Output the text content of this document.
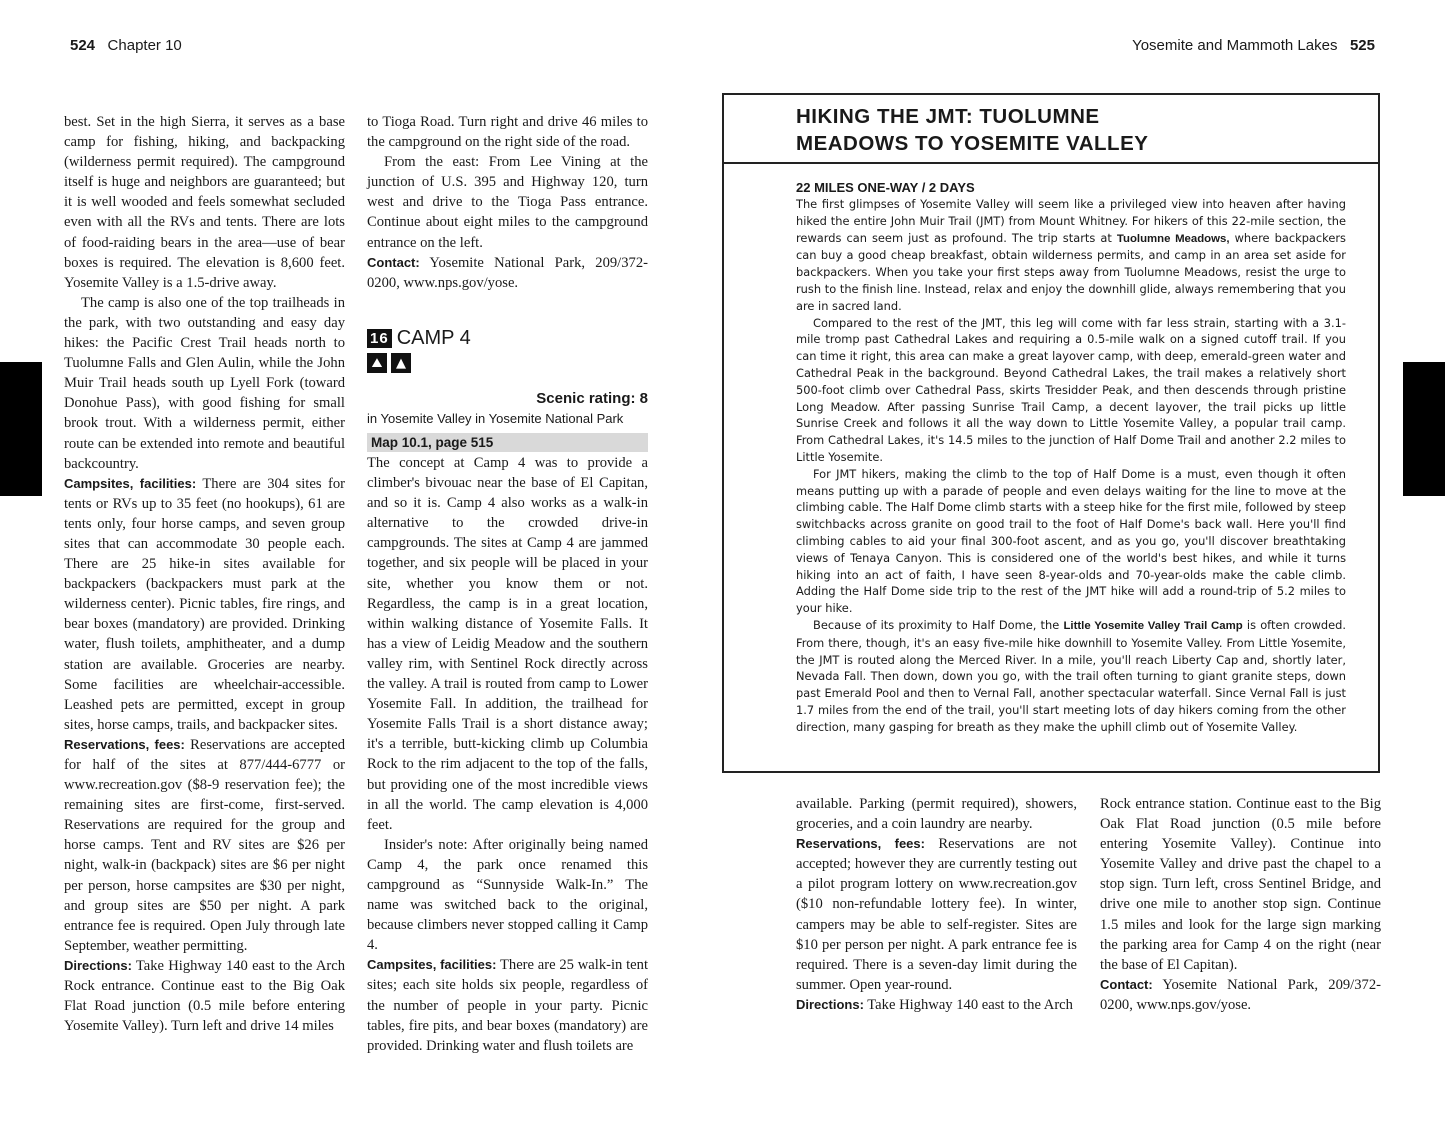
524 Chapter 10	Yosemite and Mammoth Lakes 525

best. Set in the high Sierra, it serves as a base camp for fishing, hiking, and backpacking (wilderness permit required). The campground itself is huge and neighbors are guaranteed; but it is well wooded and feels somewhat secluded even with all the RVs and tents. There are lots of food-raiding bears in the area—use of bear boxes is required. The elevation is 8,600 feet. Yosemite Valley is a 1.5-drive away.

The camp is also one of the top trailheads in the park, with two outstanding and easy day hikes: the Pacific Crest Trail heads north to Tuolumne Falls and Glen Aulin, while the John Muir Trail heads south up Lyell Fork (toward Donohue Pass), with good fishing for small brook trout. With a wilderness permit, either route can be extended into remote and beautiful backcountry.

Campsites, facilities: There are 304 sites for tents or RVs up to 35 feet (no hookups), 61 are tents only, four horse camps, and seven group sites that can accommodate 30 people each. There are 25 hike-in sites available for backpackers (backpackers must park at the wilderness center). Picnic tables, fire rings, and bear boxes (mandatory) are provided. Drinking water, flush toilets, amphitheater, and a dump station are available. Groceries are nearby. Some facilities are wheelchair-accessible. Leashed pets are permitted, except in group sites, horse camps, trails, and backpacker sites.

Reservations, fees: Reservations are accepted for half of the sites at 877/444-6777 or www.recreation.gov ($8-9 reservation fee); the remaining sites are first-come, first-served. Reservations are required for the group and horse camps. Tent and RV sites are $26 per night, walk-in (backpack) sites are $6 per night per person, horse campsites are $30 per night, and group sites are $50 per night. A park entrance fee is required. Open July through late September, weather permitting.

Directions: Take Highway 140 east to the Arch Rock entrance. Continue east to the Big Oak Flat Road junction (0.5 mile before entering Yosemite Valley). Turn left and drive 14 miles

to Tioga Road. Turn right and drive 46 miles to the campground on the right side of the road.

From the east: From Lee Vining at the junction of U.S. 395 and Highway 120, turn west and drive to the Tioga Pass entrance. Continue about eight miles to the campground entrance on the left.

Contact: Yosemite National Park, 209/372-0200, www.nps.gov/yose.

16 CAMP 4
⛰	▲
Scenic rating: 8
in Yosemite Valley in Yosemite National Park
Map 10.1, page 515

The concept at Camp 4 was to provide a climber's bivouac near the base of El Capitan, and so it is. Camp 4 also works as a walk-in alternative to the crowded drive-in campgrounds. The sites at Camp 4 are jammed together, and six people will be placed in your site, whether you know them or not. Regardless, the camp is in a great location, within walking distance of Yosemite Falls. It has a view of Leidig Meadow and the southern valley rim, with Sentinel Rock directly across the valley. A trail is routed from camp to Lower Yosemite Fall. In addition, the trailhead for Yosemite Falls Trail is a short distance away; it's a terrible, butt-kicking climb up Columbia Rock to the rim adjacent to the top of the falls, but providing one of the most incredible views in all the world. The camp elevation is 4,000 feet.

Insider's note: After originally being named Camp 4, the park once renamed this campground as “Sunnyside Walk-In.” The name was switched back to the original, because climbers never stopped calling it Camp 4.

Campsites, facilities: There are 25 walk-in tent sites; each site holds six people, regardless of the number of people in your party. Picnic tables, fire pits, and bear boxes (mandatory) are provided. Drinking water and flush toilets are

HIKING THE JMT: TUOLUMNE
MEADOWS TO YOSEMITE VALLEY
22 MILES ONE-WAY / 2 DAYS

The first glimpses of Yosemite Valley will seem like a privileged view into heaven after having hiked the entire John Muir Trail (JMT) from Mount Whitney. For hikers of this 22-mile section, the rewards can seem just as profound. The trip starts at Tuolumne Meadows, where backpackers can buy a good cheap breakfast, obtain wilderness permits, and camp in an area set aside for backpackers. When you take your first steps away from Tuolumne Meadows, resist the urge to rush to the finish line. Instead, relax and enjoy the downhill glide, always remembering that you are in sacred land.

Compared to the rest of the JMT, this leg will come with far less strain, starting with a 3.1-mile tromp past Cathedral Lakes and requiring a 0.5-mile walk on a signed cutoff trail. If you can time it right, this area can make a great layover camp, with deep, emerald-green water and Cathedral Peak in the background. Beyond Cathedral Lakes, the trail makes a relatively short 500-foot climb over Cathedral Pass, skirts Tresidder Peak, and then descends through pristine Long Meadow. After passing Sunrise Trail Camp, a decent layover, the trail picks up little Sunrise Creek and follows it all the way down to Little Yosemite Valley, a popular trail camp. From Cathedral Lakes, it's 14.5 miles to the junction of Half Dome Trail and another 2.2 miles to Little Yosemite.

For JMT hikers, making the climb to the top of Half Dome is a must, even though it often means putting up with a parade of people and even delays waiting for the line to move at the climbing cable. The Half Dome climb starts with a steep hike for the first mile, followed by steep switchbacks across granite on good trail to the foot of Half Dome's back wall. Here you'll find climbing cables to aid your final 300-foot ascent, and as you go, you'll discover breathtaking views of Tenaya Canyon. This is considered one of the world's best hikes, and while it turns hiking into an act of faith, I have seen 8-year-olds and 70-year-olds make the cable climb. Adding the Half Dome side trip to the rest of the JMT hike will add a round-trip of 5.2 miles to your hike.

Because of its proximity to Half Dome, the Little Yosemite Valley Trail Camp is often crowded. From there, though, it's an easy five-mile hike downhill to Yosemite Valley. From Little Yosemite, the JMT is routed along the Merced River. In a mile, you'll reach Liberty Cap and, shortly later, Nevada Fall. Then down, down you go, with the trail often turning to giant granite steps, down past Emerald Pool and then to Vernal Fall, another spectacular waterfall. Since Vernal Fall is just 1.7 miles from the end of the trail, you'll start meeting lots of day hikers coming from the other direction, many gasping for breath as they make the uphill climb out of Yosemite Valley.

available. Parking (permit required), showers, groceries, and a coin laundry are nearby.

Reservations, fees: Reservations are not accepted; however they are currently testing out a pilot program lottery on www.recreation.gov ($10 non-refundable lottery fee). In winter, campers may be able to self-register. Sites are $10 per person per night. A park entrance fee is required. There is a seven-day limit during the summer. Open year-round.

Directions: Take Highway 140 east to the Arch

Rock entrance station. Continue east to the Big Oak Flat Road junction (0.5 mile before entering Yosemite Valley). Continue into Yosemite Valley and drive past the chapel to a stop sign. Turn left, cross Sentinel Bridge, and drive one mile to another stop sign. Continue 1.5 miles and look for the large sign marking the parking area for Camp 4 on the right (near the base of El Capitan).

Contact: Yosemite National Park, 209/372-0200, www.nps.gov/yose.
